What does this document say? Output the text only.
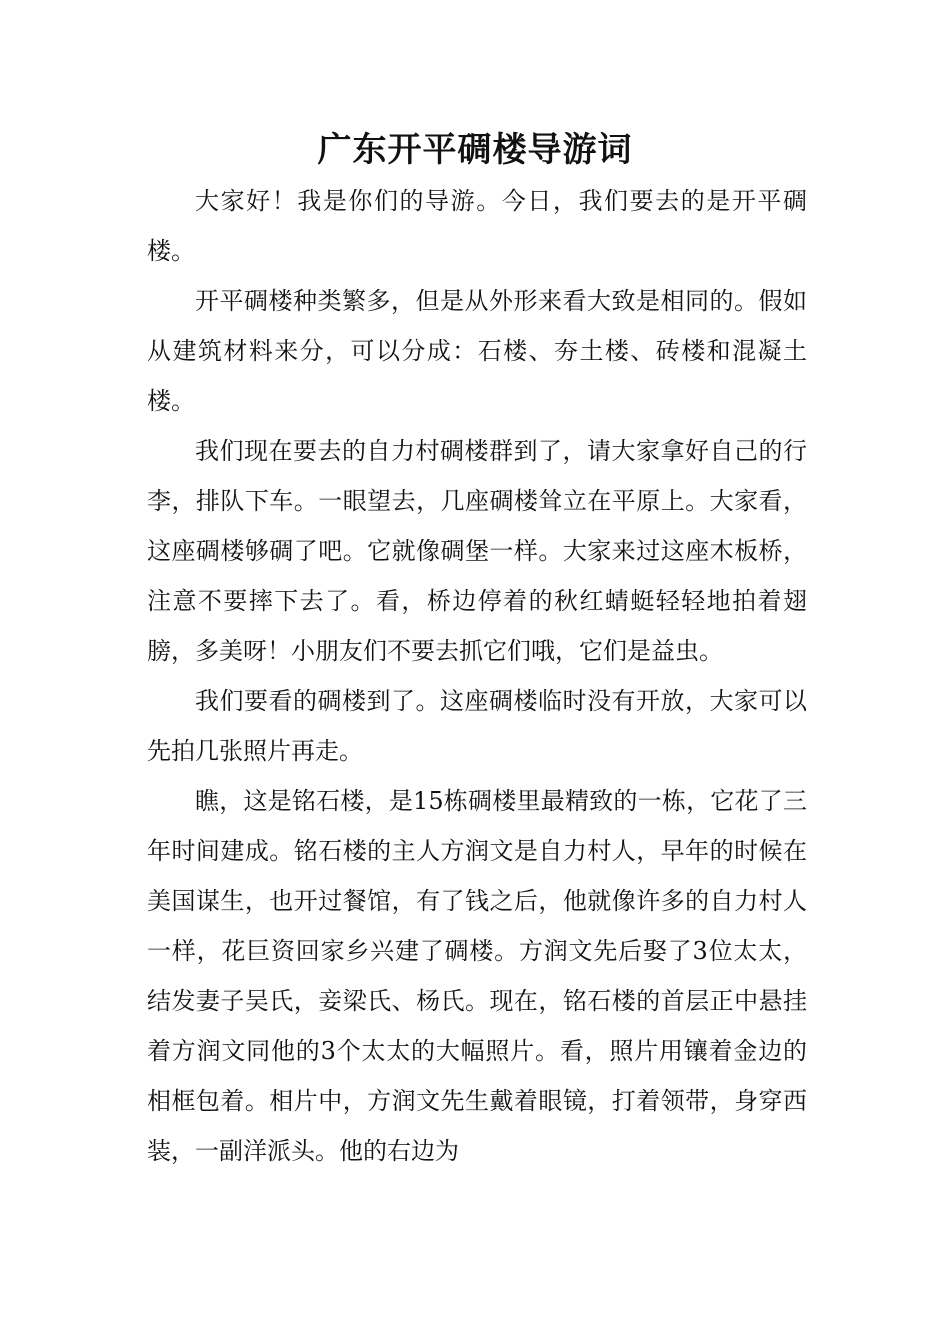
广东开平碉楼导游词

大家好！我是你们的导游。今日，我们要去的是开平碉楼。

开平碉楼种类繁多，但是从外形来看大致是相同的。假如从建筑材料来分，可以分成：石楼、夯土楼、砖楼和混凝土楼。

我们现在要去的自力村碉楼群到了，请大家拿好自己的行李，排队下车。一眼望去，几座碉楼耸立在平原上。大家看，这座碉楼够碉了吧。它就像碉堡一样。大家来过这座木板桥，注意不要摔下去了。看，桥边停着的秋红蜻蜓轻轻地拍着翅膀，多美呀！小朋友们不要去抓它们哦，它们是益虫。

我们要看的碉楼到了。这座碉楼临时没有开放，大家可以先拍几张照片再走。

瞧，这是铭石楼，是15栋碉楼里最精致的一栋，它花了三年时间建成。铭石楼的主人方润文是自力村人，早年的时候在美国谋生，也开过餐馆，有了钱之后，他就像许多的自力村人一样，花巨资回家乡兴建了碉楼。方润文先后娶了3位太太，结发妻子吴氏，妾梁氏、杨氏。现在，铭石楼的首层正中悬挂着方润文同他的3个太太的大幅照片。看，照片用镶着金边的相框包着。相片中，方润文先生戴着眼镜，打着领带，身穿西装，一副洋派头。他的右边为
